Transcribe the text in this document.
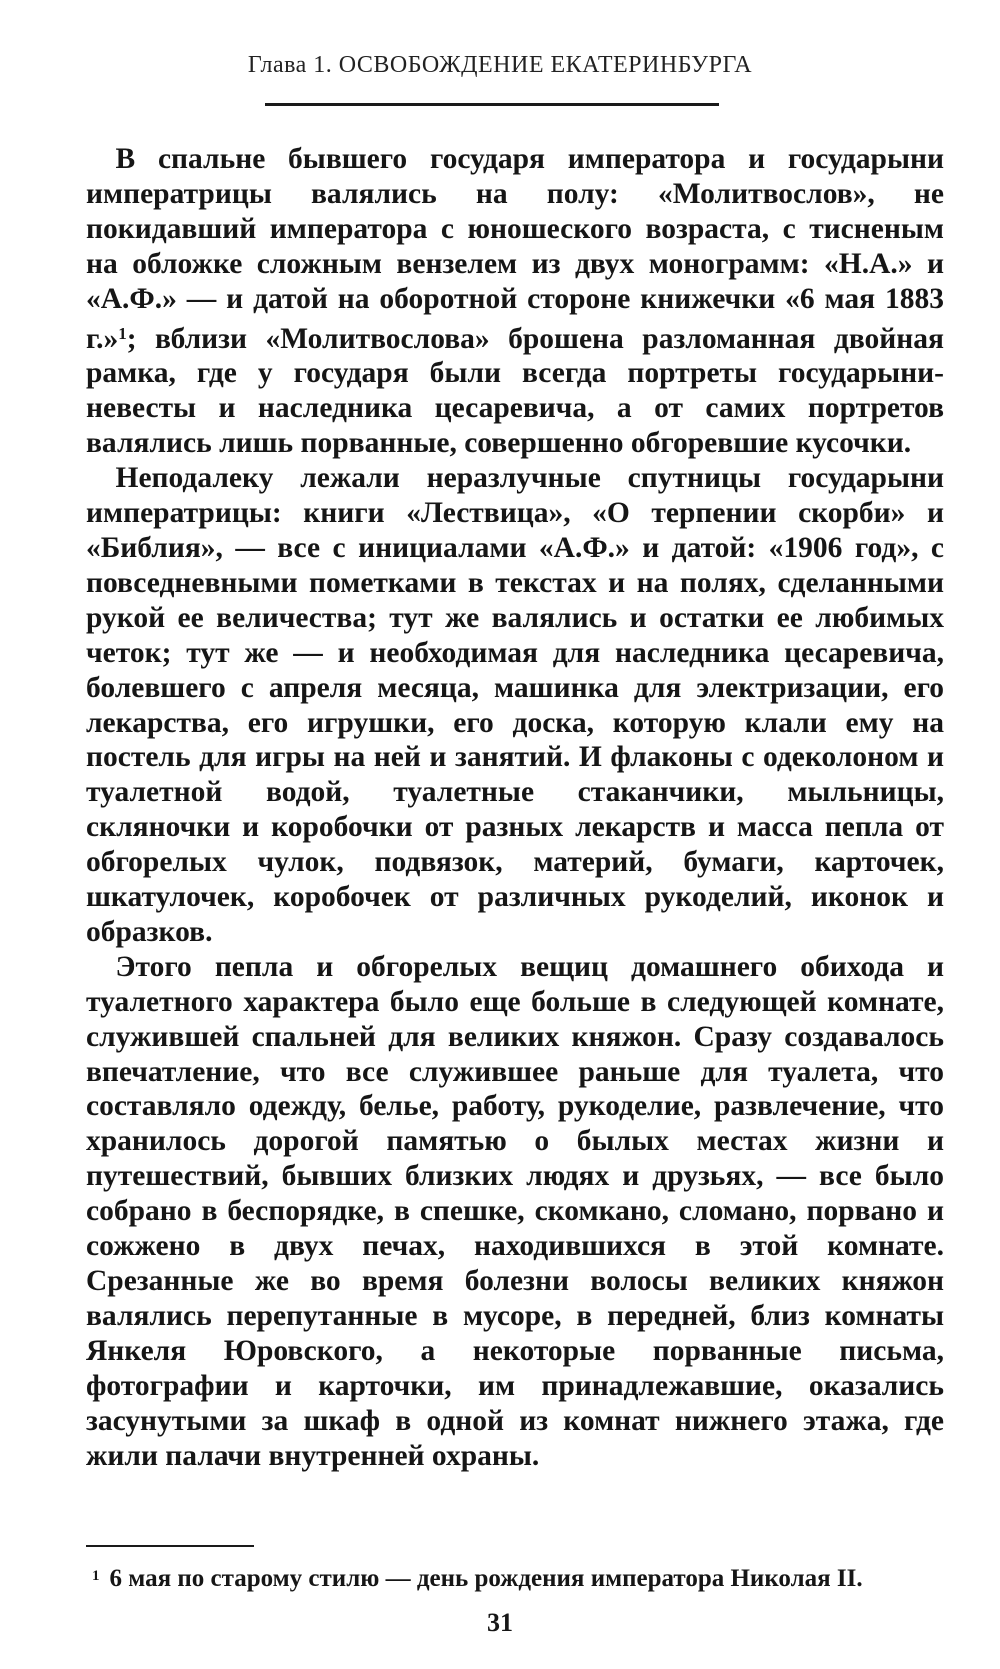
Глава 1. ОСВОБОЖДЕНИЕ ЕКАТЕРИНБУРГА

В спальне бывшего государя императора и государыни императрицы валялись на полу: «Молитвослов», не покидавший императора с юношеского возраста, с тисненым на обложке сложным вензелем из двух монограмм: «Н.А.» и «А.Ф.» — и датой на оборотной стороне книжечки «6 мая 1883 г.»$^1$; вблизи «Молитвослова» брошена разломанная двойная рамка, где у государя были всегда портреты государыни-невесты и наследника цесаревича, а от самих портретов валялись лишь порванные, совершенно обгоревшие кусочки.

Неподалеку лежали неразлучные спутницы государыни императрицы: книги «Лествица», «О терпении скорби» и «Библия», — все с инициалами «А.Ф.» и датой: «1906 год», с повседневными пометками в текстах и на полях, сделанными рукой ее величества; тут же валялись и остатки ее любимых четок; тут же — и необходимая для наследника цесаревича, болевшего с апреля месяца, машинка для электризации, его лекарства, его игрушки, его доска, которую клали ему на постель для игры на ней и занятий. И флаконы с одеколоном и туалетной водой, туалетные стаканчики, мыльницы, скляночки и коробочки от разных лекарств и масса пепла от обгорелых чулок, подвязок, материй, бумаги, карточек, шкатулочек, коробочек от различных рукоделий, иконок и образков.

Этого пепла и обгорелых вещиц домашнего обихода и туалетного характера было еще больше в следующей комнате, служившей спальней для великих княжон. Сразу создавалось впечатление, что все служившее раньше для туалета, что составляло одежду, белье, работу, рукоделие, развлечение, что хранилось дорогой памятью о былых местах жизни и путешествий, бывших близких людях и друзьях, — все было собрано в беспорядке, в спешке, скомкано, сломано, порвано и сожжено в двух печах, находившихся в этой комнате. Срезанные же во время болезни волосы великих княжон валялись перепутанные в мусоре, в передней, близ комнаты Янкеля Юровского, а некоторые порванные письма, фотографии и карточки, им принадлежавшие, оказались засунутыми за шкаф в одной из комнат нижнего этажа, где жили палачи внутренней охраны.

$^1$ 6 мая по старому стилю — день рождения императора Николая II.
31
